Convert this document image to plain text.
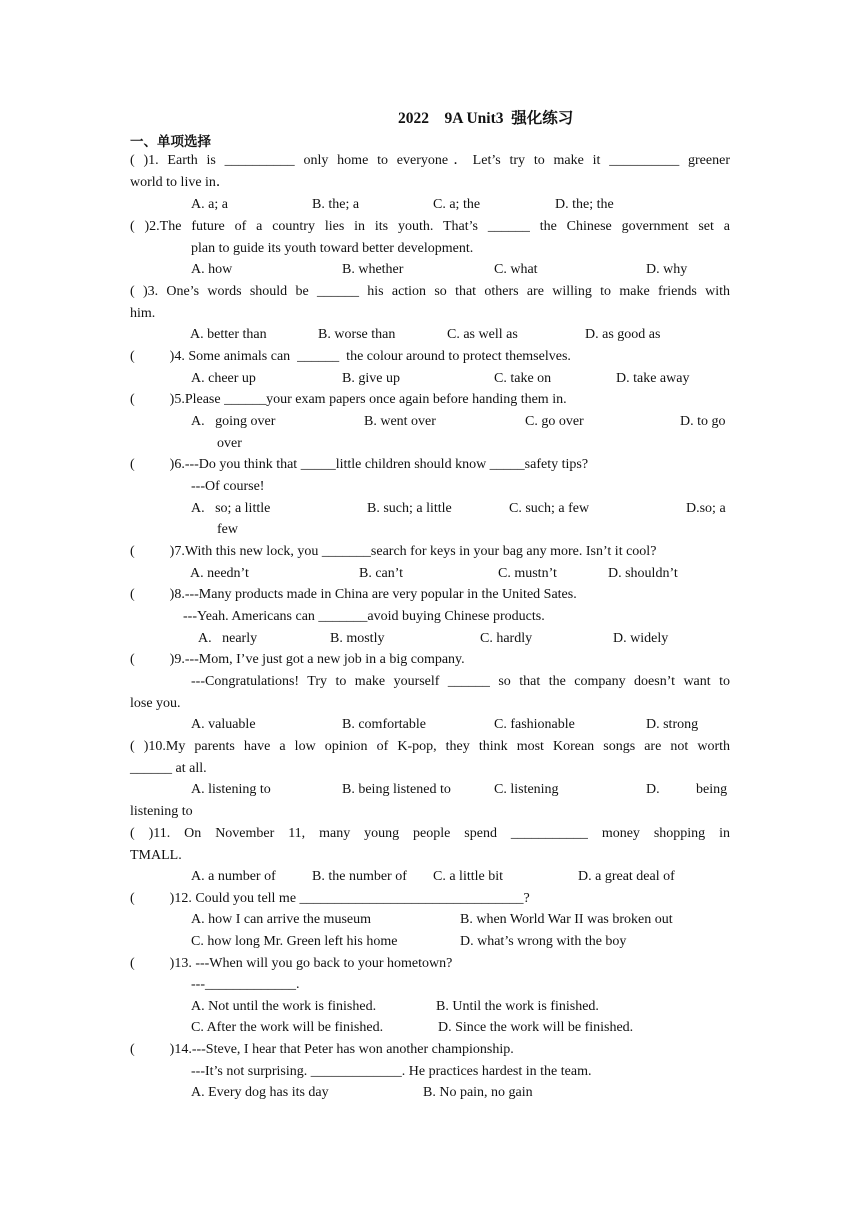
2022    9A Unit3  强化练习
一、单项选择
( )1. Earth is __________ only home to everyone．Let’s try to make it __________ greener
world to live in．
A. a; a	B. the; a	C. a; the	D. the; the
( )2.The future of a country lies in its youth. That’s ______ the Chinese government set a
plan to guide its youth toward better development.
A. how	B. whether	C. what	D. why
( )3. One’s words should be ______ his action so that others are willing to make friends with
him.
A. better than	B. worse than	C. as well as	D. as good as
(          )4. Some animals can  ______  the colour around to protect themselves.
A. cheer up	B. give up	C. take on	D. take away
(          )5.Please ______your exam papers once again before handing them in.
A.   going over	B. went over	C. go over	D. to go
over
(          )6.---Do you think that _____little children should know _____safety tips?
---Of course!
A.   so; a little	B. such; a little	C. such; a few	D.so; a
few
(          )7.With this new lock, you _______search for keys in your bag any more. Isn’t it cool?
A. needn’t	B. can’t	C. mustn’t	D. shouldn’t
(          )8.---Many products made in China are very popular in the United Sates.
---Yeah. Americans can _______avoid buying Chinese products.
A.   nearly	B. mostly	C. hardly	D. widely
(          )9.---Mom, I’ve just got a new job in a big company.
---Congratulations! Try to make yourself ______ so that the company doesn’t want to
lose you.
A. valuable	B. comfortable	C. fashionable	D. strong
( )10.My parents have a low opinion of K-pop, they think most Korean songs are not worth
______ at all.
A. listening to	B. being listened to	C. listening	D.	being
listening to
( )11. On November 11, many young people spend ___________ money shopping in
TMALL.
A. a number of	B. the number of C. a little bit	D. a great deal of
(          )12. Could you tell me ________________________________?
A. how I can arrive the museum	B. when World War II was broken out
C. how long Mr. Green left his home	D. what’s wrong with the boy
(          )13. ---When will you go back to your hometown?
---_____________.
A. Not until the work is finished.	B. Until the work is finished.
C. After the work will be finished.	D. Since the work will be finished.
(          )14.---Steve, I hear that Peter has won another championship.
---It’s not surprising. _____________. He practices hardest in the team.
A. Every dog has its day	B. No pain, no gain
